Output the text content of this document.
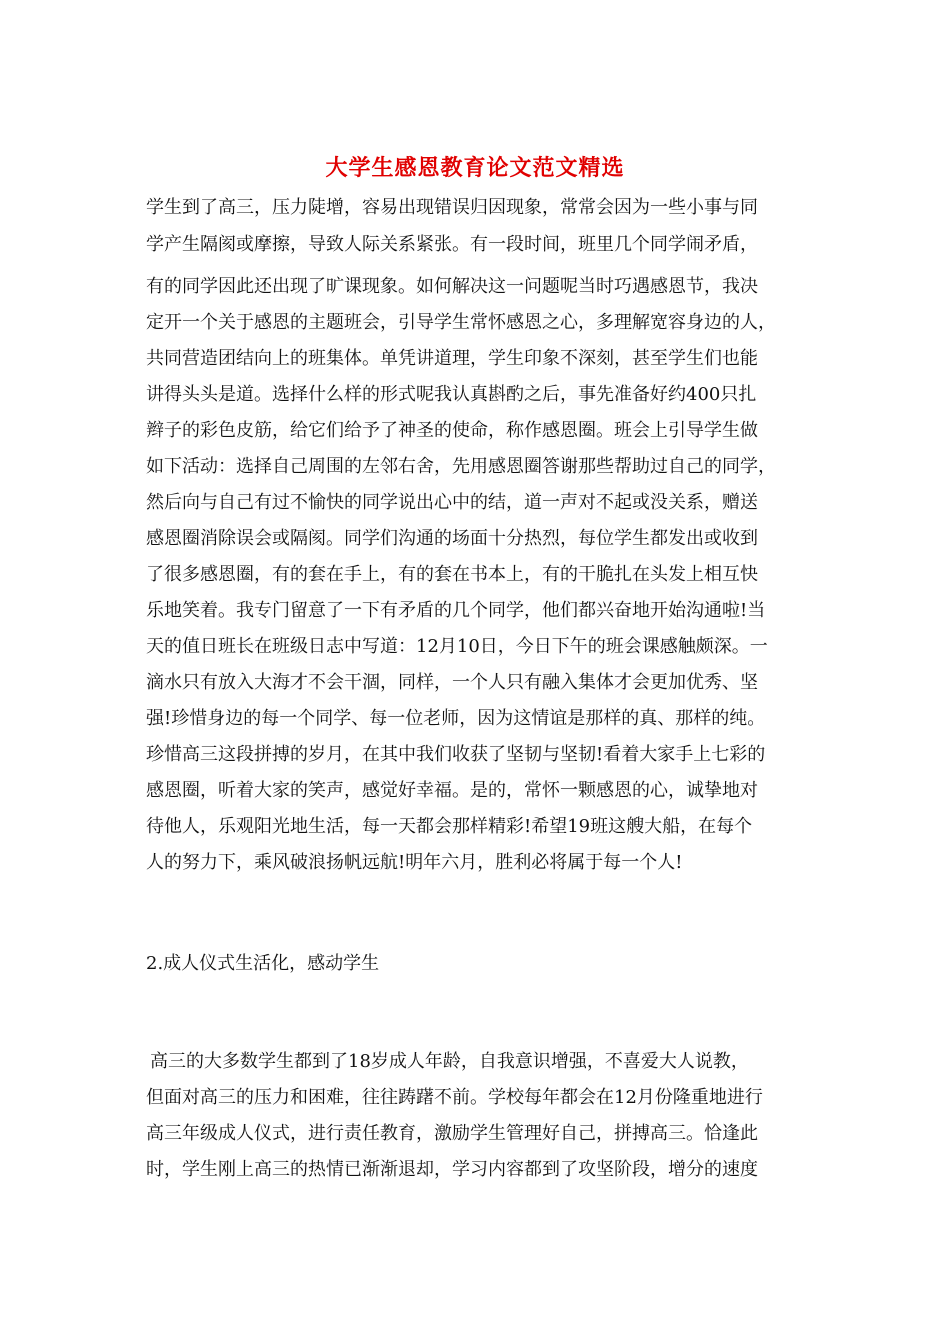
大学生感恩教育论文范文精选

学生到了高三，压力陡增，容易出现错误归因现象，常常会因为一些小事与同

学产生隔阂或摩擦，导致人际关系紧张。有一段时间，班里几个同学闹矛盾，

有的同学因此还出现了旷课现象。如何解决这一问题呢当时巧遇感恩节，我决

定开一个关于感恩的主题班会，引导学生常怀感恩之心，多理解宽容身边的人，

共同营造团结向上的班集体。单凭讲道理，学生印象不深刻，甚至学生们也能

讲得头头是道。选择什么样的形式呢我认真斟酌之后，事先准备好约400只扎

辫子的彩色皮筋，给它们给予了神圣的使命，称作感恩圈。班会上引导学生做

如下活动：选择自己周围的左邻右舍，先用感恩圈答谢那些帮助过自己的同学，

然后向与自己有过不愉快的同学说出心中的结，道一声对不起或没关系，赠送

感恩圈消除误会或隔阂。同学们沟通的场面十分热烈，每位学生都发出或收到

了很多感恩圈，有的套在手上，有的套在书本上，有的干脆扎在头发上相互快

乐地笑着。我专门留意了一下有矛盾的几个同学，他们都兴奋地开始沟通啦!当

天的值日班长在班级日志中写道：12月10日，今日下午的班会课感触颇深。一

滴水只有放入大海才不会干涸，同样，一个人只有融入集体才会更加优秀、坚

强!珍惜身边的每一个同学、每一位老师，因为这情谊是那样的真、那样的纯。

珍惜高三这段拼搏的岁月，在其中我们收获了坚韧与坚韧!看着大家手上七彩的

感恩圈，听着大家的笑声，感觉好幸福。是的，常怀一颗感恩的心，诚挚地对

待他人，乐观阳光地生活，每一天都会那样精彩!希望19班这艘大船，在每个

人的努力下，乘风破浪扬帆远航!明年六月，胜利必将属于每一个人!

2.成人仪式生活化，感动学生

高三的大多数学生都到了18岁成人年龄，自我意识增强，不喜爱大人说教，

但面对高三的压力和困难，往往踌躇不前。学校每年都会在12月份隆重地进行

高三年级成人仪式，进行责任教育，激励学生管理好自己，拼搏高三。恰逢此

时，学生刚上高三的热情已渐渐退却，学习内容都到了攻坚阶段，增分的速度
